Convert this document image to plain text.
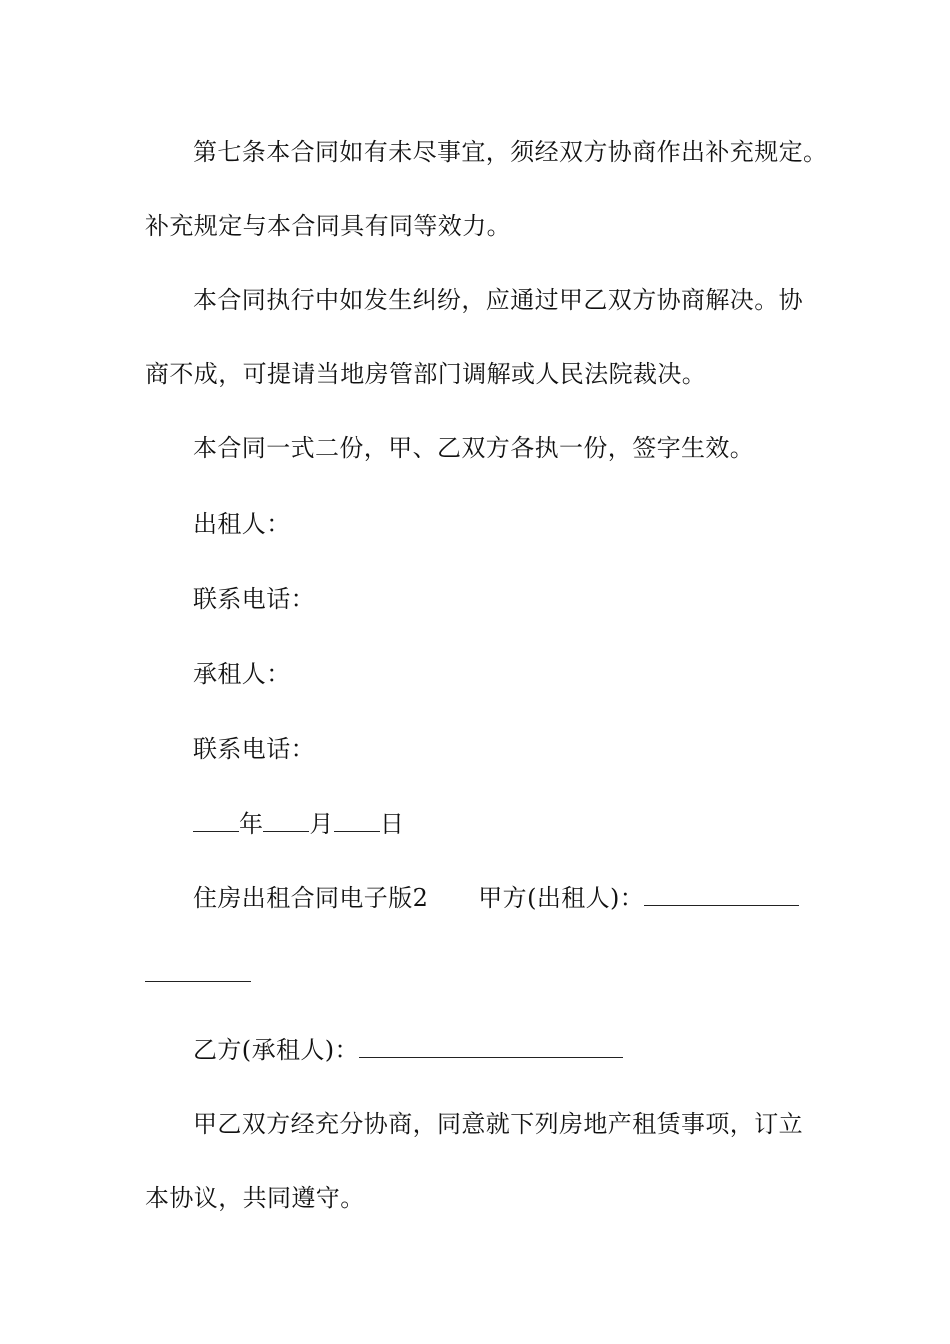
第七条本合同如有未尽事宜，须经双方协商作出补充规定。
补充规定与本合同具有同等效力。
本合同执行中如发生纠纷，应通过甲乙双方协商解决。协
商不成，可提请当地房管部门调解或人民法院裁决。
本合同一式二份，甲、乙双方各执一份，签字生效。
出租人：
联系电话：
承租人：
联系电话：
年 月 日
住房出租合同电子版2 甲方(出租人)：
乙方(承租人)：
甲乙双方经充分协商，同意就下列房地产租赁事项，订立
本协议，共同遵守。
